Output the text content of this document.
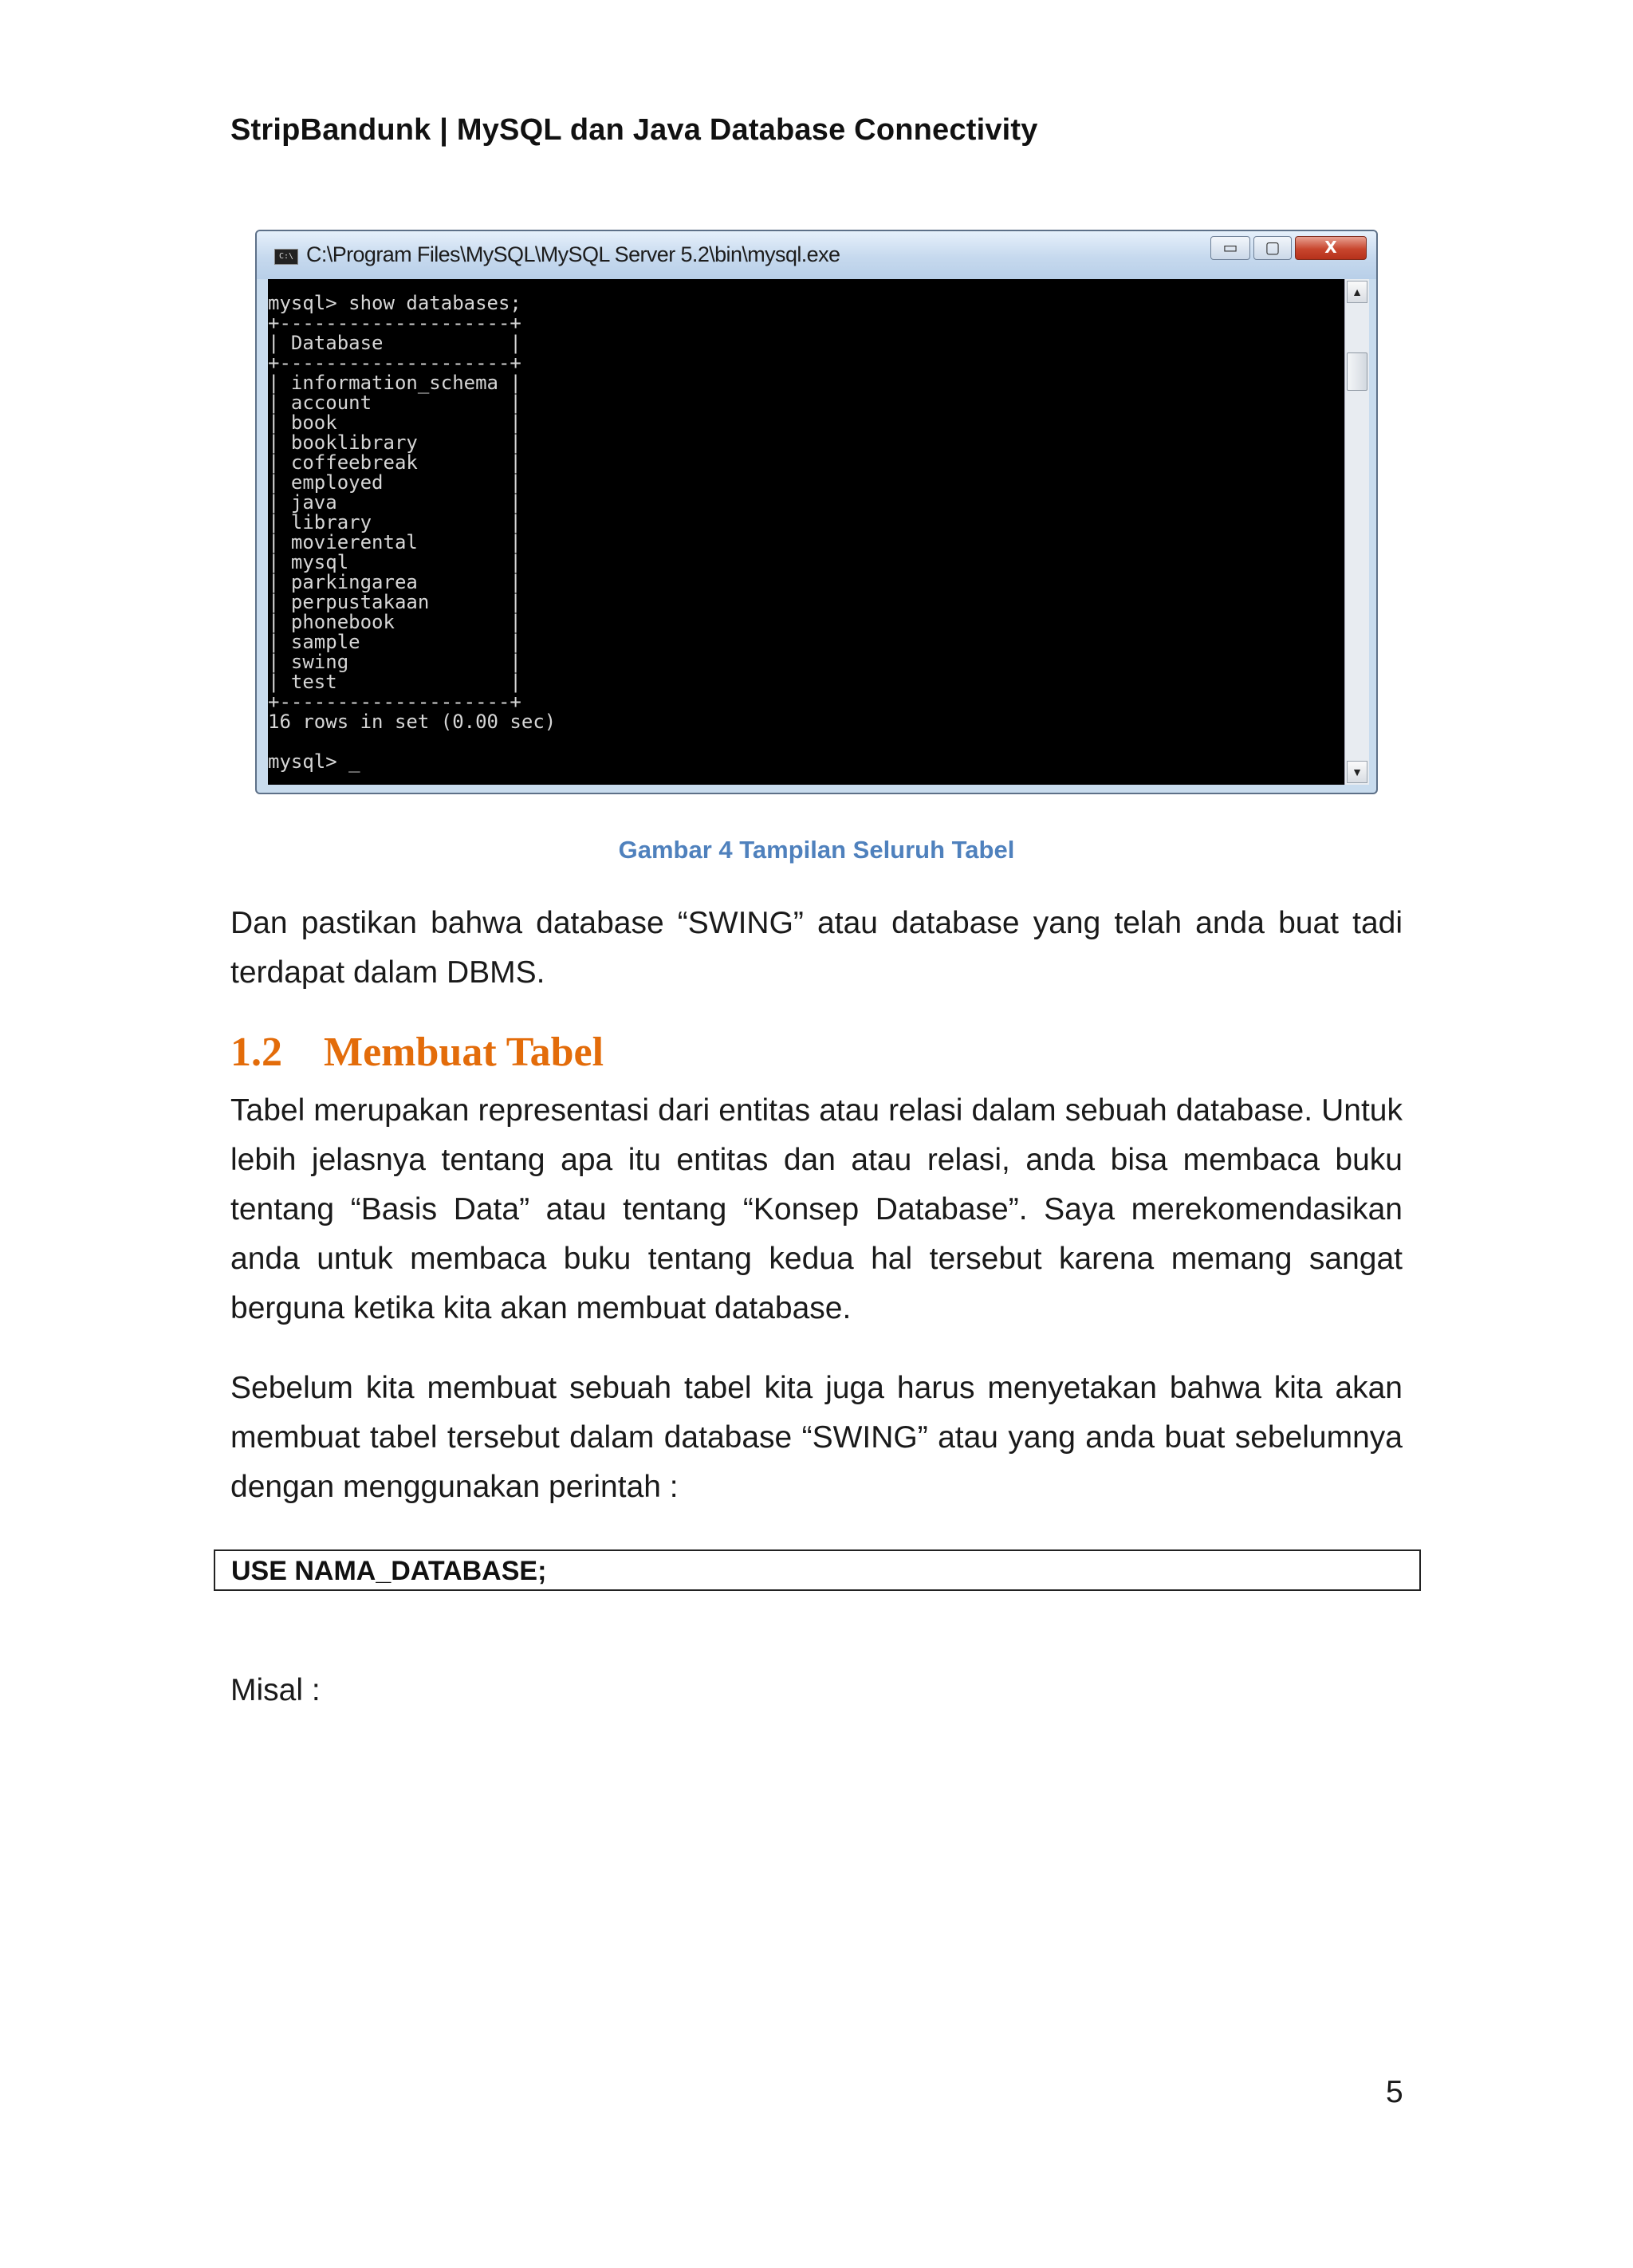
StripBandunk | MySQL dan Java Database Connectivity
C:\ C:\Program Files\MySQL\MySQL Server 5.2\bin\mysql.exe	▭	▢	X
mysql> show databases;
+--------------------+
| Database           |
+--------------------+
| information_schema |
| account            |
| book               |
| booklibrary        |
| coffeebreak        |
| employed           |
| java               |
| library            |
| movierental        |
| mysql              |
| parkingarea        |
| perpustakaan       |
| phonebook          |
| sample             |
| swing              |
| test               |
+--------------------+
16 rows in set (0.00 sec)

mysql> _
▲
▼
Gambar 4 Tampilan Seluruh Tabel
Dan pastikan bahwa database “SWING” atau database yang telah anda buat tadi terdapat dalam DBMS.
1.2 Membuat Tabel
Tabel merupakan representasi dari entitas atau relasi dalam sebuah database. Untuk lebih jelasnya tentang apa itu entitas dan atau relasi, anda bisa membaca buku tentang “Basis Data” atau tentang “Konsep Database”. Saya merekomendasikan anda untuk membaca buku tentang kedua hal tersebut karena memang sangat berguna ketika kita akan membuat database.
Sebelum kita membuat sebuah tabel kita juga harus menyetakan bahwa kita akan membuat tabel tersebut dalam database “SWING” atau yang anda buat sebelumnya dengan menggunakan perintah :
USE NAMA_DATABASE;
Misal :
5
